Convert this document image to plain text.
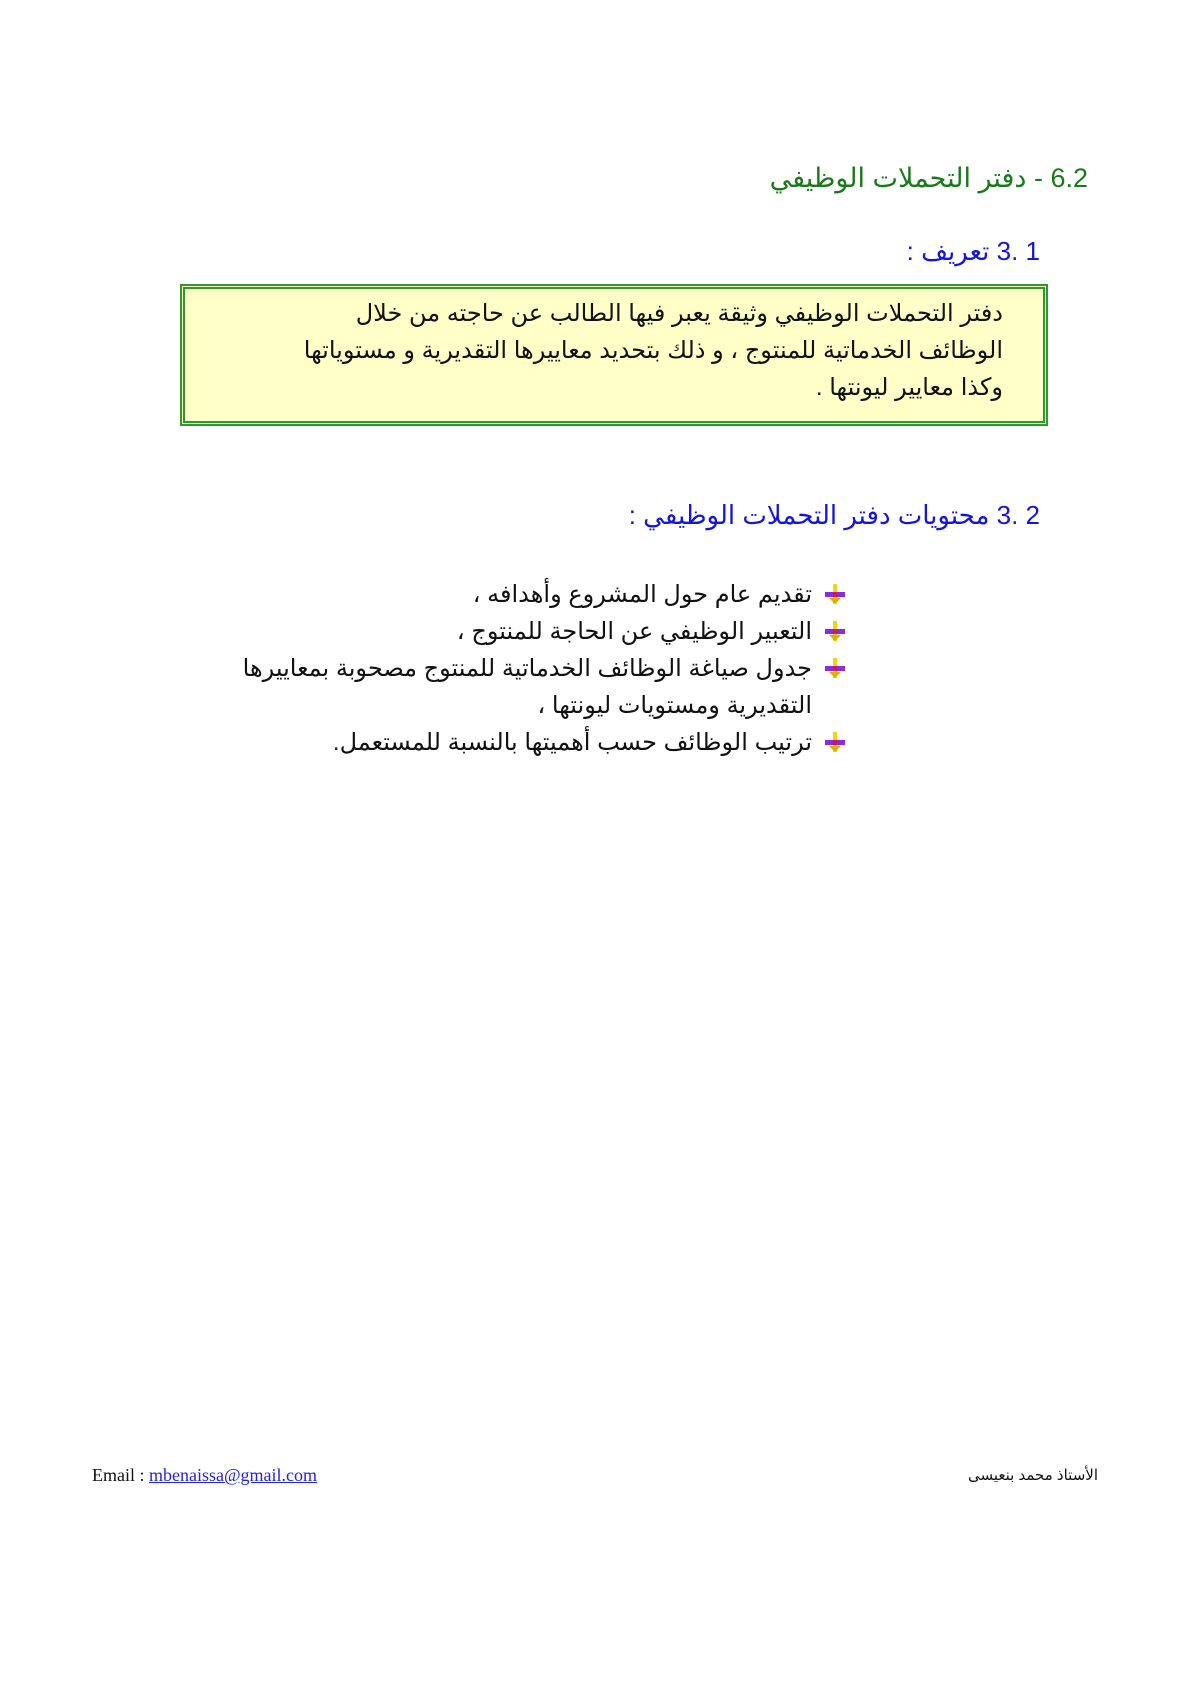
6.2 - دفتر التحملات الوظيفي
1 .3 تعريف :

دفتر التحملات الوظيفي وثيقة يعبر فيها الطالب عن حاجته من خلال
الوظائف الخدماتية للمنتوج ، و ذلك بتحديد معاييرها التقديرية و مستوياتها
وكذا معايير ليونتها .

2 .3 محتويات دفتر التحملات الوظيفي :
تقديم عام حول المشروع وأهدافه ،
التعبير الوظيفي عن الحاجة للمنتوج ،
جدول صياغة الوظائف الخدماتية للمنتوج مصحوبة بمعاييرها التقديرية ومستويات ليونتها ،
ترتيب الوظائف حسب أهميتها بالنسبة للمستعمل.
Email : mbenaissa@gmail.com	الأستاذ محمد بنعيسى
